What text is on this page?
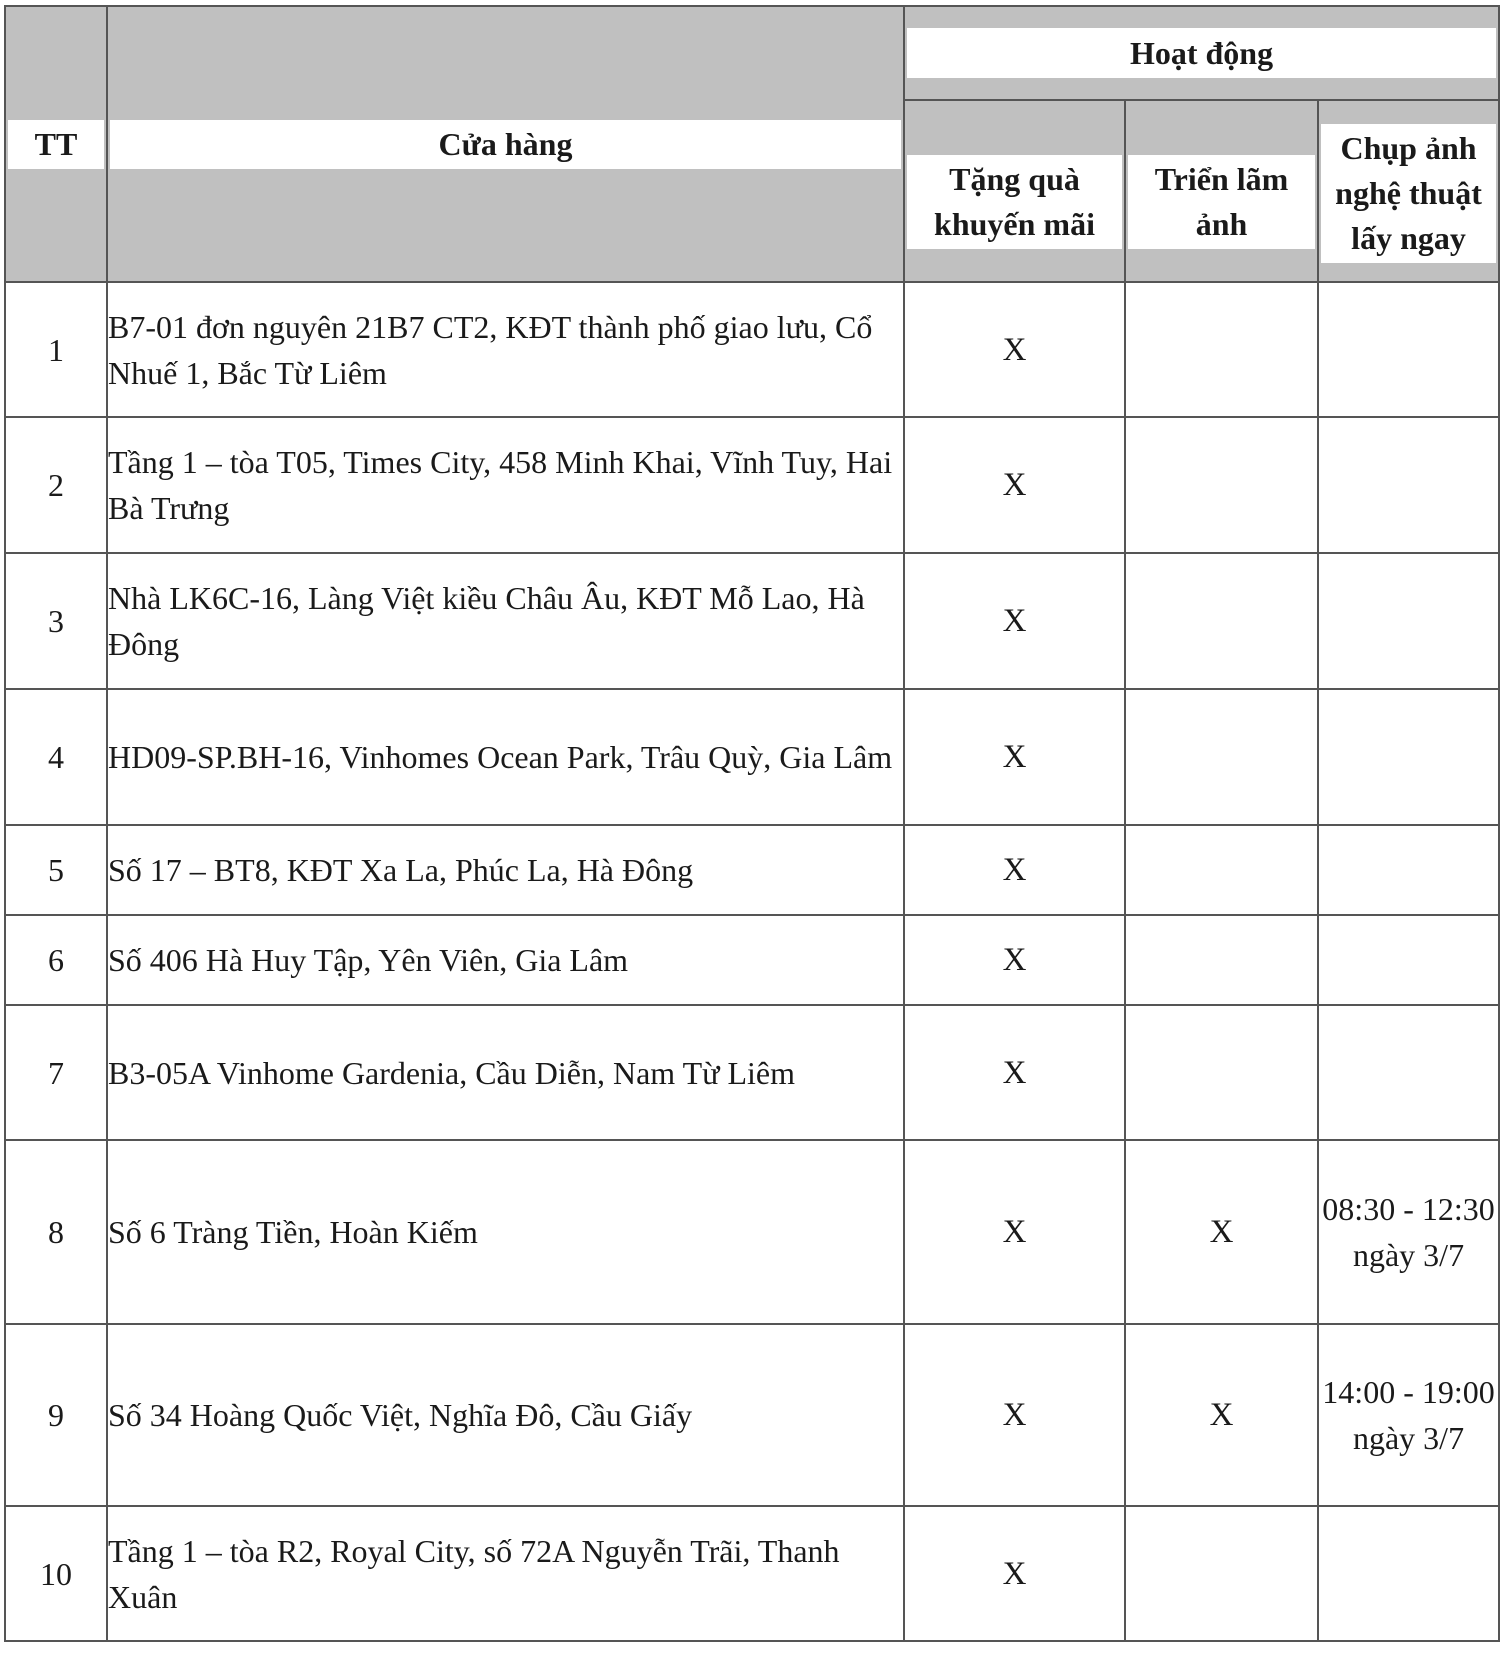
TT	Cửa hàng	Hoạt động		

		Tặng quà khuyến mãi	Triển lãm ảnh	Chụp ảnh nghệ thuật lấy ngay

1	B7-01 đơn nguyên 21B7 CT2, KĐT thành phố giao lưu, Cổ Nhuế 1, Bắc Từ Liêm	X		
2	Tầng 1 – tòa T05, Times City, 458 Minh Khai, Vĩnh Tuy, Hai Bà Trưng	X		
3	Nhà LK6C-16, Làng Việt kiều Châu Âu, KĐT Mỗ Lao, Hà Đông	X		
4	HD09-SP.BH-16, Vinhomes Ocean Park, Trâu Quỳ, Gia Lâm	X		
5	Số 17 – BT8, KĐT Xa La, Phúc La, Hà Đông	X		
6	Số 406 Hà Huy Tập, Yên Viên, Gia Lâm	X		
7	B3-05A Vinhome Gardenia, Cầu Diễn, Nam Từ Liêm	X		
8	Số 6 Tràng Tiền, Hoàn Kiếm	X	X	08:30 - 12:30 ngày 3/7
9	Số 34 Hoàng Quốc Việt, Nghĩa Đô, Cầu Giấy	X	X	14:00 - 19:00 ngày 3/7
10	Tầng 1 – tòa R2, Royal City, số 72A Nguyễn Trãi, Thanh Xuân	X		
